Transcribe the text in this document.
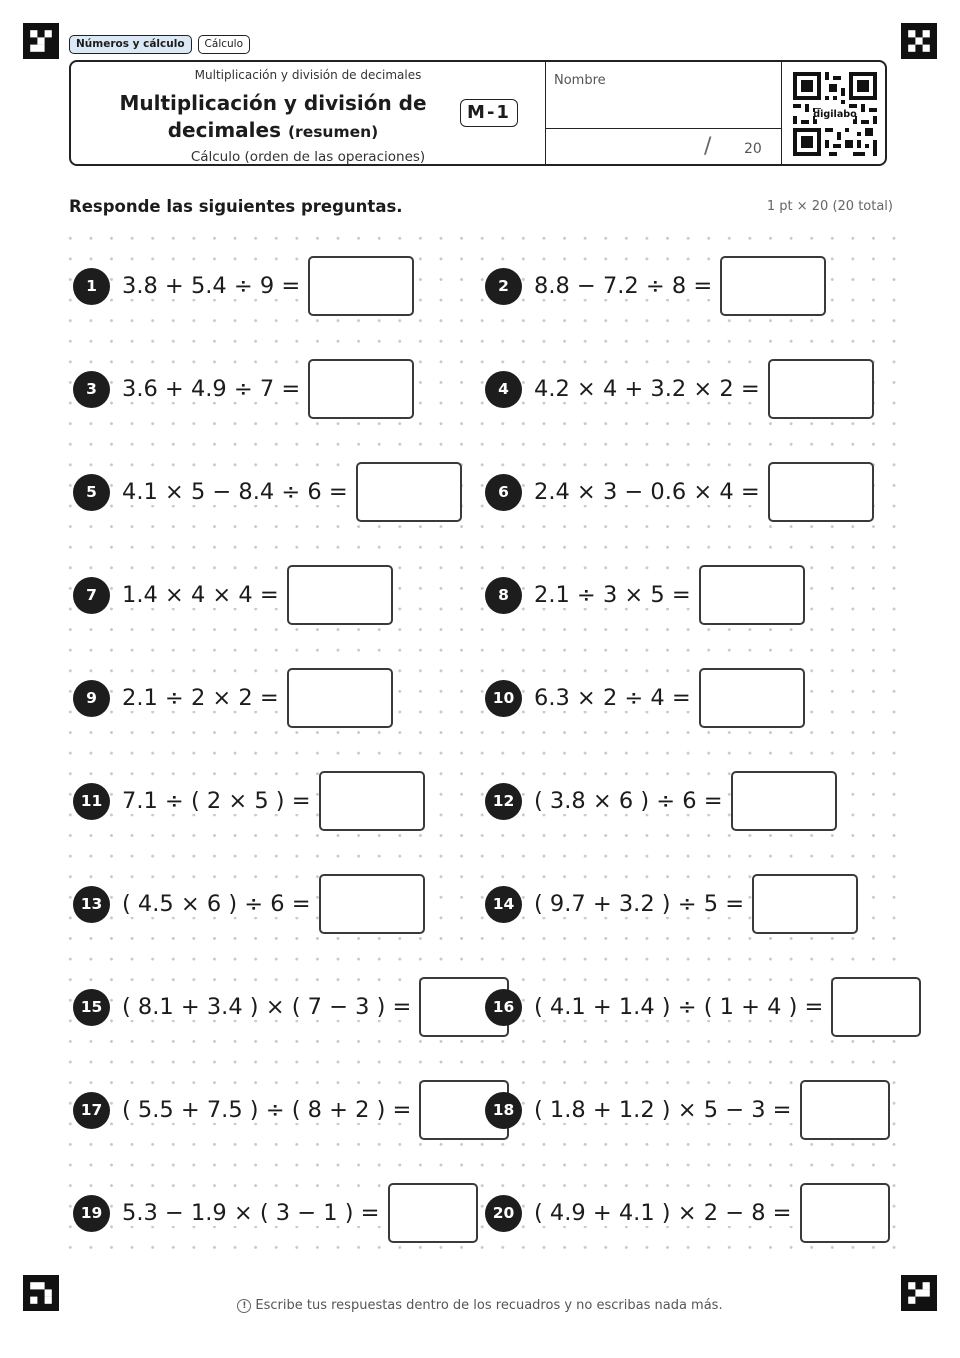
Números y cálculo	Cálculo
Multiplicación y división de decimales
Multiplicación y división de
decimales (resumen)
M-1
Cálculo (orden de las operaciones)
Nombre
/ 20
digilabo
Responde las siguientes preguntas.	1 pt × 20 (20 total)
1	3.8 + 5.4 ÷ 9 =
3	3.6 + 4.9 ÷ 7 =
5	4.1 × 5 − 8.4 ÷ 6 =
7	1.4 × 4 × 4 =
9	2.1 ÷ 2 × 2 =
11 7.1 ÷ ( 2 × 5 ) =
13 ( 4.5 × 6 ) ÷ 6 =
15 ( 8.1 + 3.4 ) × ( 7 − 3 ) =
17 ( 5.5 + 7.5 ) ÷ ( 8 + 2 ) =
19 5.3 − 1.9 × ( 3 − 1 ) =
2	8.8 − 7.2 ÷ 8 =
4	4.2 × 4 + 3.2 × 2 =
6	2.4 × 3 − 0.6 × 4 =
8	2.1 ÷ 3 × 5 =
10 6.3 × 2 ÷ 4 =
12 ( 3.8 × 6 ) ÷ 6 =
14 ( 9.7 + 3.2 ) ÷ 5 =
16 ( 4.1 + 1.4 ) ÷ ( 1 + 4 ) =
18 ( 1.8 + 1.2 ) × 5 − 3 =
20 ( 4.9 + 4.1 ) × 2 − 8 =
! Escribe tus respuestas dentro de los recuadros y no escribas nada más.
